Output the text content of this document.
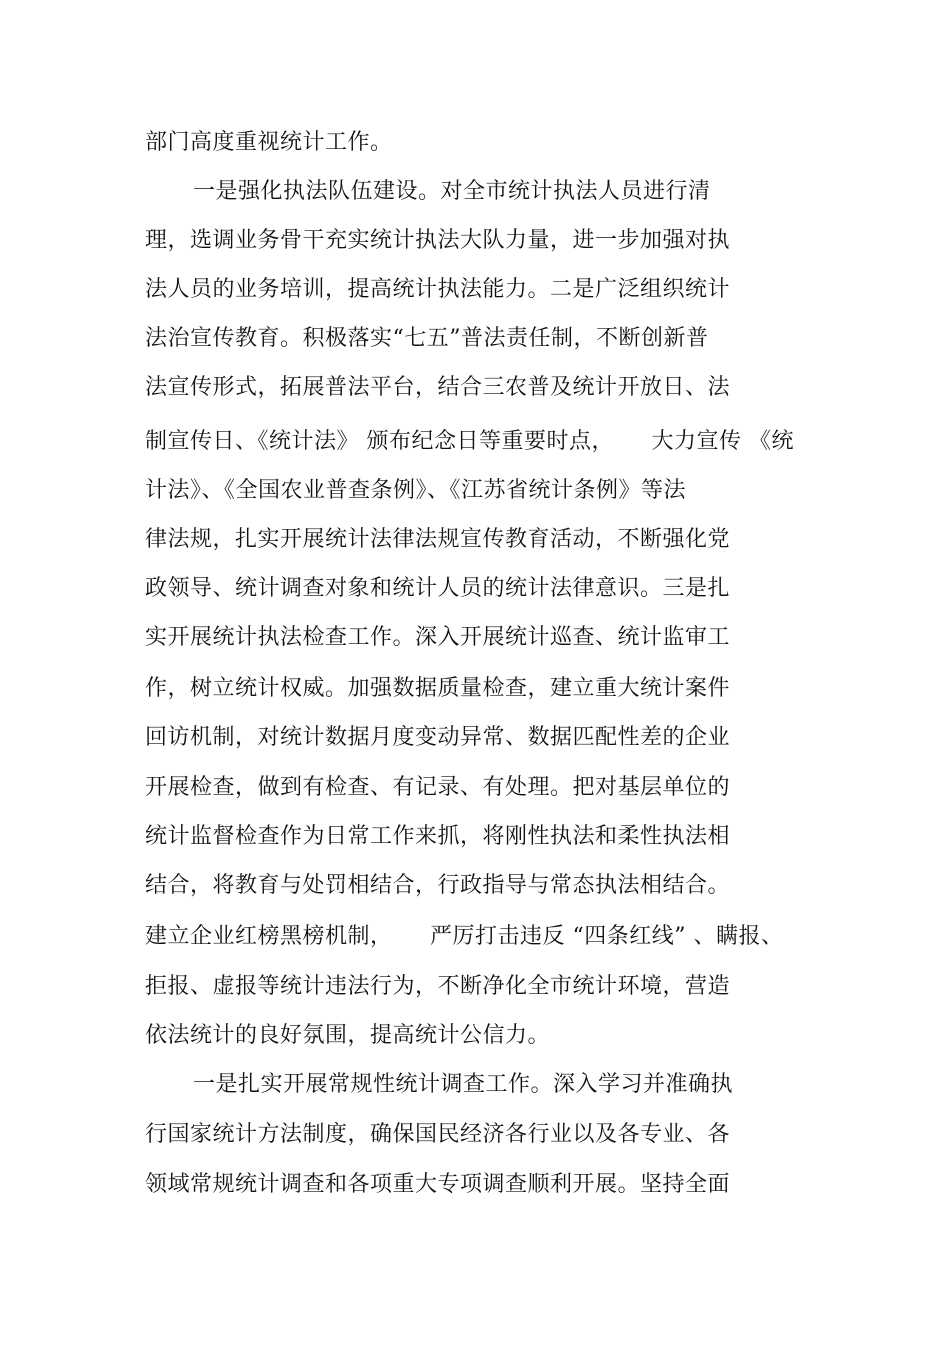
部门高度重视统计工作。
一是强化执法队伍建设。对全市统计执法人员进行清
理，选调业务骨干充实统计执法大队力量，进一步加强对执
法人员的业务培训，提高统计执法能力。二是广泛组织统计
法治宣传教育。积极落实“七五”普法责任制，不断创新普
法宣传形式，拓展普法平台，结合三农普及统计开放日、法
制宣传日、《统计法》 颁布纪念日等重要时点，     大力宣传 《统
计法》、《全国农业普查条例》、《江苏省统计条例》等法
律法规，扎实开展统计法律法规宣传教育活动，不断强化党
政领导、统计调查对象和统计人员的统计法律意识。三是扎
实开展统计执法检查工作。深入开展统计巡查、统计监审工
作，树立统计权威。加强数据质量检查，建立重大统计案件
回访机制，对统计数据月度变动异常、数据匹配性差的企业
开展检查，做到有检查、有记录、有处理。把对基层单位的
统计监督检查作为日常工作来抓，将刚性执法和柔性执法相
结合，将教育与处罚相结合，行政指导与常态执法相结合。
建立企业红榜黑榜机制，     严厉打击违反 “四条红线” 、瞒报、
拒报、虚报等统计违法行为，不断净化全市统计环境，营造
依法统计的良好氛围，提高统计公信力。
一是扎实开展常规性统计调查工作。深入学习并准确执
行国家统计方法制度，确保国民经济各行业以及各专业、各
领域常规统计调查和各项重大专项调查顺利开展。坚持全面
